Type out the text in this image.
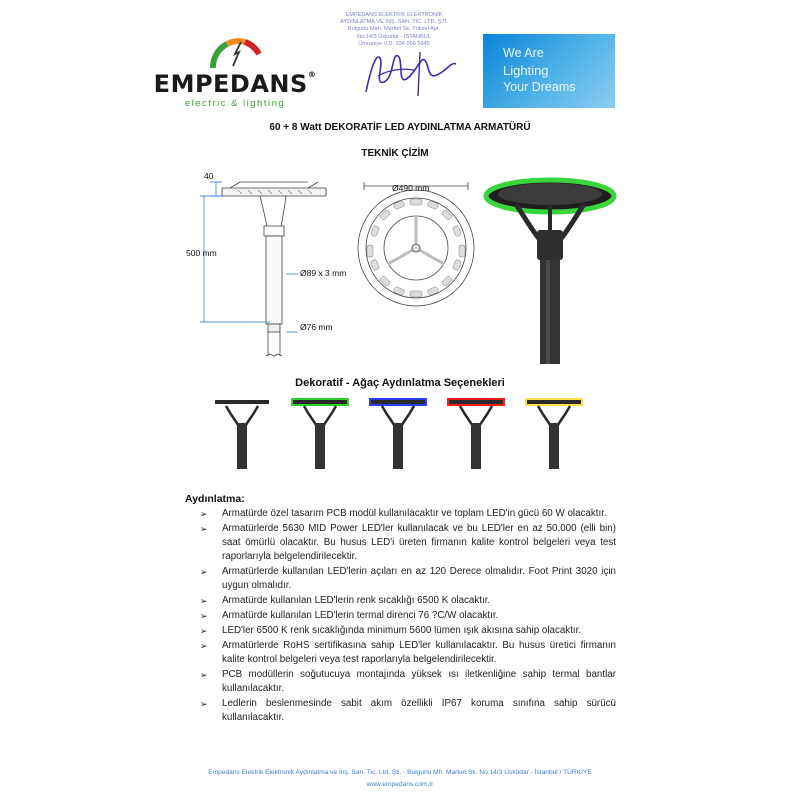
EMPEDANS®
electric & lighting
EMPEDANS ELEKTRİK ELEKTRONİK
AYDINLATMA VE İNŞ. SAN. TİC. LTD. ŞTİ.
Bulgurlu Mah. Market Sk. Yüksel Apt.
No:14/3 Üsküdar - İSTANBUL
Ümraniye V.D. 334 056 5945
We Are
Lighting
Your Dreams
60 + 8 Watt DEKORATİF LED AYDINLATMA ARMATÜRÜ
TEKNİK ÇİZİM
40
500 mm
Ø89 x 3 mm
Ø76 mm
Ø490 mm
Dekoratif - Ağaç Aydınlatma Seçenekleri
Aydınlatma:
➢ Armatürde özel tasarım PCB modül kullanılacaktır ve toplam LED'in gücü 60 W olacaktır.
➢ Armatürlerde 5630 MID Power LED'ler kullanılacak ve bu LED'ler en az 50.000 (elli bin) saat ömürlü olacaktır. Bu husus LED'i üreten firmanın kalite kontrol belgeleri veya test raporlarıyla belgelendirilecektir.
➢ Armatürlerde kullanılan LED'lerin açıları en az 120 Derece olmalıdır. Foot Print 3020 için uygun olmalıdır.
➢ Armatürde kullanılan LED'lerin renk sıcaklığı 6500 K olacaktır.
➢ Armatürde kullanılan LED'lerin termal direnci 76 ?C/W olacaktır.
➢ LED'ler 6500 K renk sıcaklığında minimum 5600 lümen ışık akısına sahip olacaktır.
➢ Armatürlerde RoHS sertifikasına sahip LED'ler kullanılacaktır. Bu husus üretici firmanın kalite kontrol belgeleri veya test raporlarıyla belgelendirilecektir.
➢ PCB modüllerin soğutucuya montajında yüksek ısı iletkenliğine sahip termal bantlar kullanılacaktır.
➢ Ledlerin beslenmesinde sabit akım özellikli IP67 koruma sınıfına sahip sürücü kullanılacaktır.
Empedans Elektrik Elektronik Aydınlatma ve İnş. San. Tic. Ltd. Şti. - Bulgurlu Mh. Market Sk. No:14/3 Üsküdar - İstanbul / TÜRKİYE
www.empedans.com.tr
